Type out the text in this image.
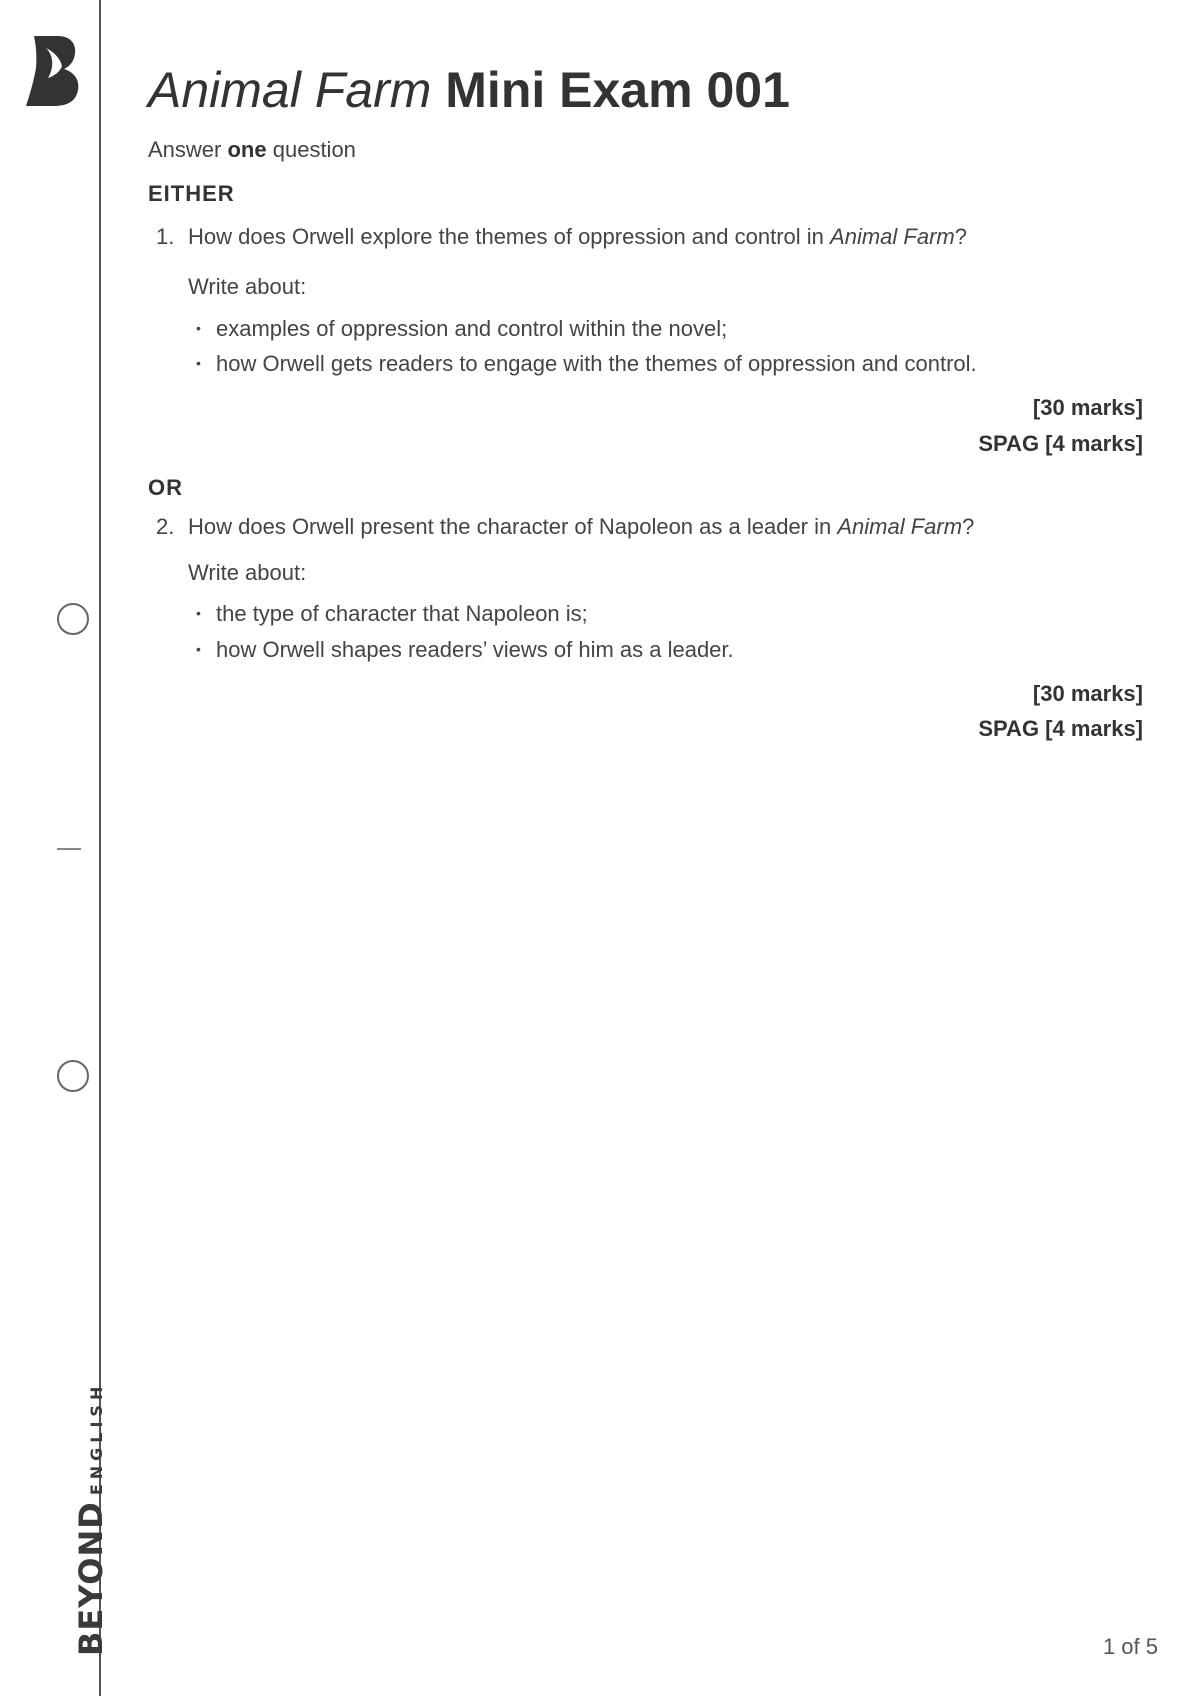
BEYONDENGLISH
Animal Farm Mini Exam 001
Answer one question
EITHER
1. How does Orwell explore the themes of oppression and control in Animal Farm?
Write about:
• examples of oppression and control within the novel;
• how Orwell gets readers to engage with the themes of oppression and control.
[30 marks]
SPAG [4 marks]
OR
2. How does Orwell present the character of Napoleon as a leader in Animal Farm?
Write about:
• the type of character that Napoleon is;
• how Orwell shapes readers’ views of him as a leader.
[30 marks]
SPAG [4 marks]
1 of 5
